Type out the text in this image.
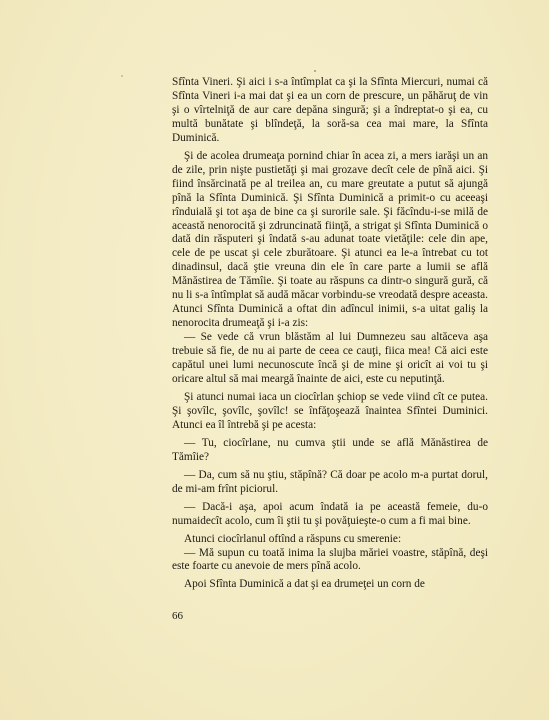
Sfînta Vineri. Şi aici i s-a întîmplat ca şi la Sfînta Miercuri, numai că Sfînta Vineri i-a mai dat şi ea un corn de prescure, un păhăruţ de vin şi o vîrtelniţă de aur care depăna singură; şi a îndreptat-o şi ea, cu multă bunătate şi blîndeţă, la soră-sa cea mai mare, la Sfînta Duminică.

Şi de acolea drumeaţa pornind chiar în acea zi, a mers iarăşi un an de zile, prin nişte pustietăţi şi mai grozave decît cele de pînă aici. Şi fiind însărcinată pe al treilea an, cu mare greutate a putut să ajungă pînă la Sfînta Duminică. Şi Sfînta Duminică a primit-o cu aceeaşi rînduială şi tot aşa de bine ca şi surorile sale. Şi făcîndu-i-se milă de această nenorocită şi zdruncinată fiinţă, a strigat şi Sfînta Duminică o dată din răsputeri şi îndată s-au adunat toate vietăţile: cele din ape, cele de pe uscat şi cele zburătoare. Şi atunci ea le-a întrebat cu tot dinadinsul, dacă ştie vreuna din ele în care parte a lumii se află Mănăstirea de Tămîie. Şi toate au răspuns ca dintr-o singură gură, că nu li s-a întîmplat să audă măcar vorbindu-se vreodată despre aceasta. Atunci Sfînta Duminică a oftat din adîncul inimii, s-a uitat galiş la nenorocita drumeaţă şi i-a zis:

— Se vede că vrun blăstăm al lui Dumnezeu sau altăceva aşa trebuie să fie, de nu ai parte de ceea ce cauţi, fiica mea! Că aici este capătul unei lumi necunoscute încă şi de mine şi oricît ai voi tu şi oricare altul să mai meargă înainte de aici, este cu neputinţă.

Şi atunci numai iaca un ciocîrlan şchiop se vede viind cît ce putea. Şi şovîlc, şovîlc, şovîlc! se înfăţoşează înaintea Sfîntei Duminici. Atunci ea îl întrebă şi pe acesta:

— Tu, ciocîrlane, nu cumva ştii unde se află Mănăstirea de Tămîie?

— Da, cum să nu ştiu, stăpînă? Că doar pe acolo m-a purtat dorul, de mi-am frînt piciorul.

— Dacă-i aşa, apoi acum îndată ia pe această femeie, du-o numaidecît acolo, cum îi ştii tu şi povăţuieşte-o cum a fi mai bine.

Atunci ciocîrlanul oftînd a răspuns cu smerenie:

— Mă supun cu toată inima la slujba măriei voastre, stăpînă, deşi este foarte cu anevoie de mers pînă acolo.

Apoi Sfînta Duminică a dat şi ea drumeţei un corn de

66
